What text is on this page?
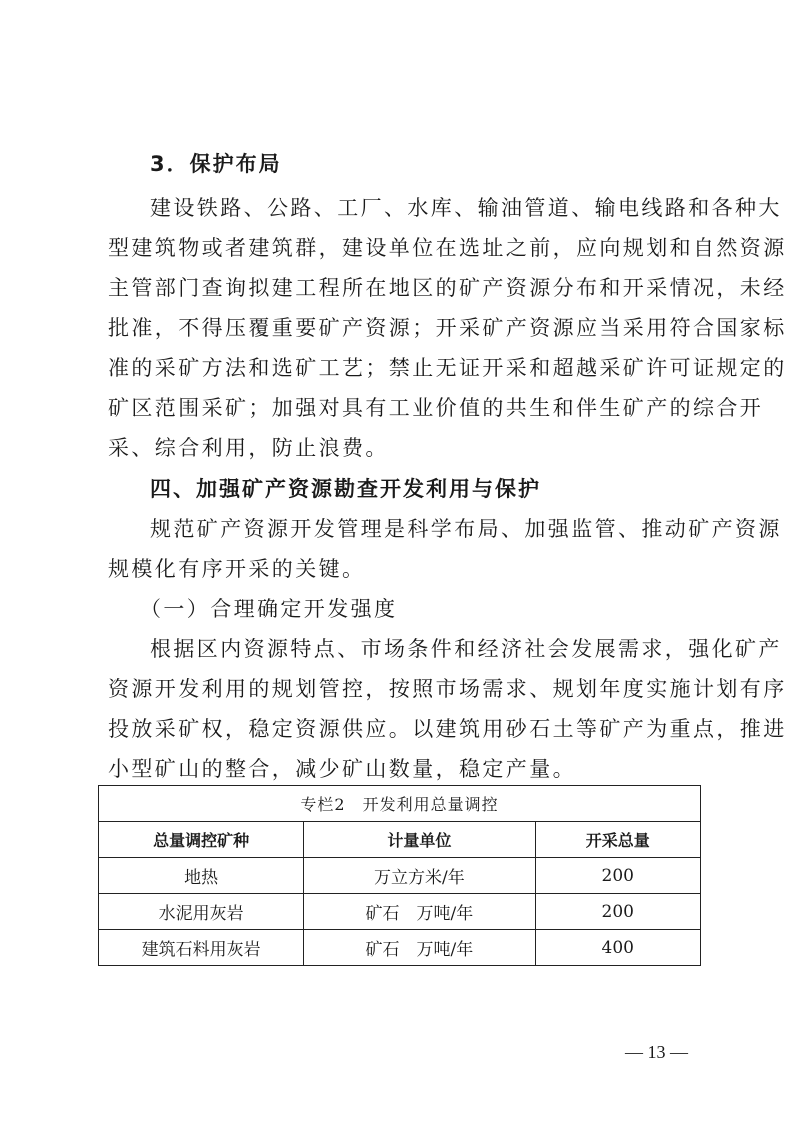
3．保护布局
建设铁路、公路、工厂、水库、输油管道、输电线路和各种大
型建筑物或者建筑群，建设单位在选址之前，应向规划和自然资源
主管部门查询拟建工程所在地区的矿产资源分布和开采情况，未经
批准，不得压覆重要矿产资源；开采矿产资源应当采用符合国家标
准的采矿方法和选矿工艺；禁止无证开采和超越采矿许可证规定的
矿区范围采矿；加强对具有工业价值的共生和伴生矿产的综合开
采、综合利用，防止浪费。
四、加强矿产资源勘查开发利用与保护
规范矿产资源开发管理是科学布局、加强监管、推动矿产资源
规模化有序开采的关键。
（一）合理确定开发强度
根据区内资源特点、市场条件和经济社会发展需求，强化矿产
资源开发利用的规划管控，按照市场需求、规划年度实施计划有序
投放采矿权，稳定资源供应。以建筑用砂石土等矿产为重点，推进
小型矿山的整合，减少矿山数量，稳定产量。
专栏2　开发利用总量调控		
总量调控矿种	计量单位	开采总量
地热	万立方米/年	200
水泥用灰岩	矿石　万吨/年	200
建筑石料用灰岩	矿石　万吨/年	400
— 13 —
